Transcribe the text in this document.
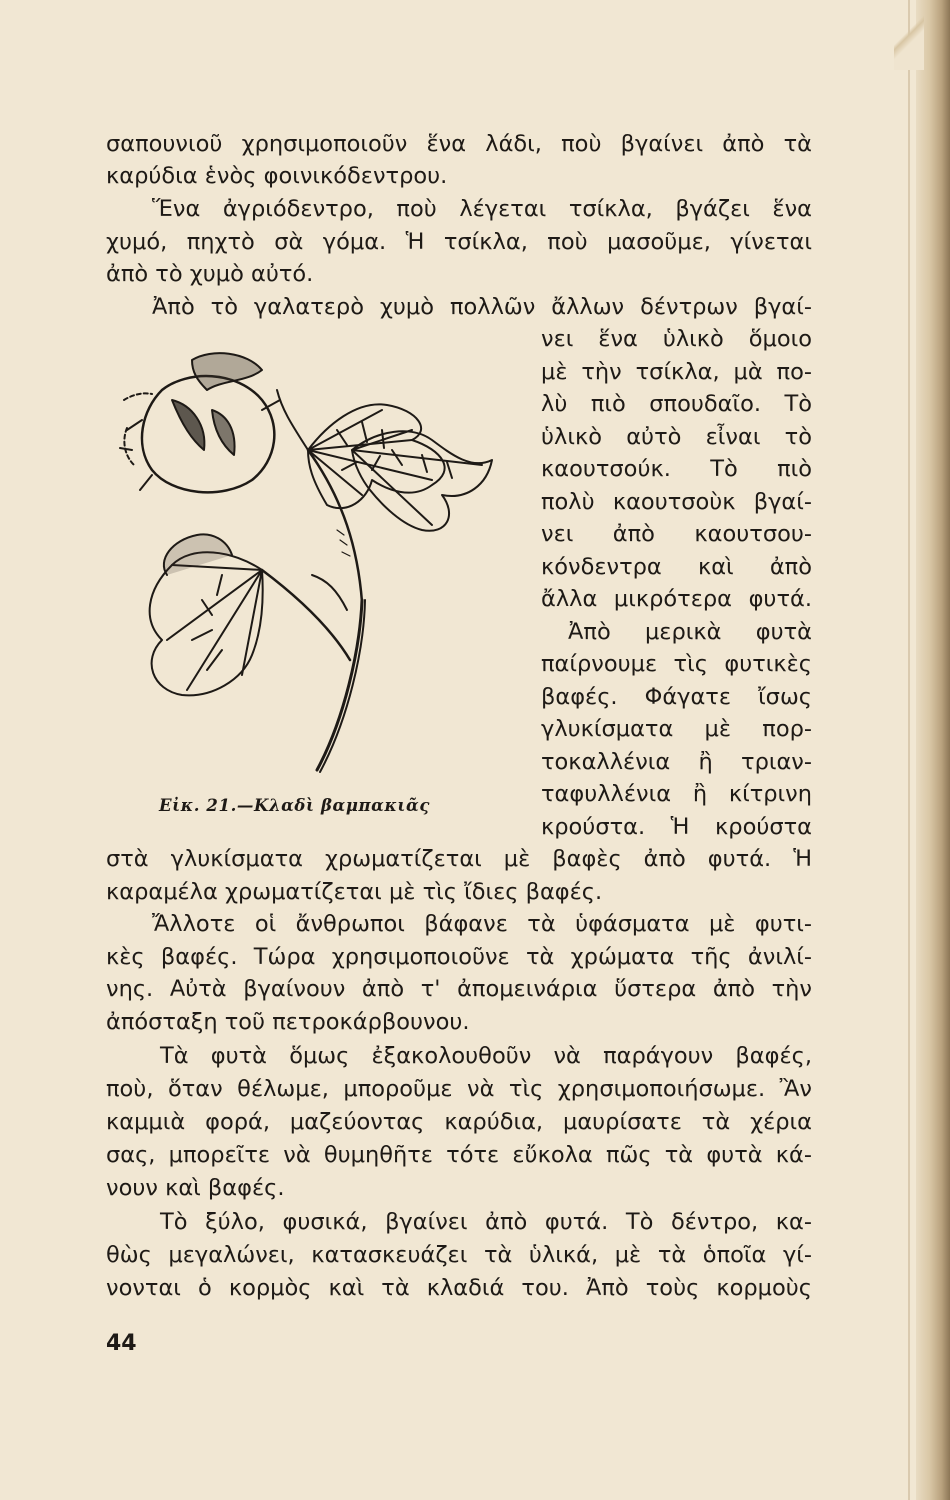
σαπουνιοῦ χρησιμοποιοῦν ἕνα λάδι, ποὺ βγαίνει ἀπὸ τὰ
καρύδια ἑνὸς φοινικόδεντρου.
Ἕνα ἀγριόδεντρο, ποὺ λέγεται τσίκλα, βγάζει ἕνα
χυμό, πηχτὸ σὰ γόμα. Ἡ τσίκλα, ποὺ μασοῦμε, γίνεται
ἀπὸ τὸ χυμὸ αὐτό.
Ἀπὸ τὸ γαλατερὸ χυμὸ πολλῶν ἄλλων δέντρων βγαί-
νει ἕνα ὑλικὸ ὅμοιο
μὲ τὴν τσίκλα, μὰ πο-
λὺ πιὸ σπουδαῖο. Τὸ
ὑλικὸ αὐτὸ εἶναι τὸ
καουτσούκ. Τὸ πιὸ
πολὺ καουτσοὺκ βγαί-
νει ἀπὸ καουτσου-
κόνδεντρα καὶ ἀπὸ
ἄλλα μικρότερα φυτά.
Ἀπὸ μερικὰ φυτὰ
παίρνουμε τὶς φυτικὲς
βαφές. Φάγατε ἴσως
γλυκίσματα μὲ πορ-
τοκαλλένια ἢ τριαν-
ταφυλλένια ἢ κίτρινη
κρούστα. Ἡ κρούστα
στὰ γλυκίσματα χρωματίζεται μὲ βαφὲς ἀπὸ φυτά. Ἡ
καραμέλα χρωματίζεται μὲ τὶς ἴδιες βαφές.
Ἄλλοτε οἱ ἄνθρωποι βάφανε τὰ ὑφάσματα μὲ φυτι-
κὲς βαφές. Τώρα χρησιμοποιοῦνε τὰ χρώματα τῆς ἀνιλί-
νης. Αὐτὰ βγαίνουν ἀπὸ τ' ἀπομεινάρια ὕστερα ἀπὸ τὴν
ἀπόσταξη τοῦ πετροκάρβουνου.
Τὰ φυτὰ ὅμως ἐξακολουθοῦν νὰ παράγουν βαφές,
ποὺ, ὅταν θέλωμε, μποροῦμε νὰ τὶς χρησιμοποιήσωμε. Ἂν
καμμιὰ φορά, μαζεύοντας καρύδια, μαυρίσατε τὰ χέρια
σας, μπορεῖτε νὰ θυμηθῆτε τότε εὔκολα πῶς τὰ φυτὰ κά-
νουν καὶ βαφές.
Τὸ ξύλο, φυσικά, βγαίνει ἀπὸ φυτά. Τὸ δέντρο, κα-
θὼς μεγαλώνει, κατασκευάζει τὰ ὑλικά, μὲ τὰ ὁποῖα γί-
νονται ὁ κορμὸς καὶ τὰ κλαδιά του. Ἀπὸ τοὺς κορμοὺς
Εἰκ. 21.—Κλαδὶ βαμπακιᾶς
44
